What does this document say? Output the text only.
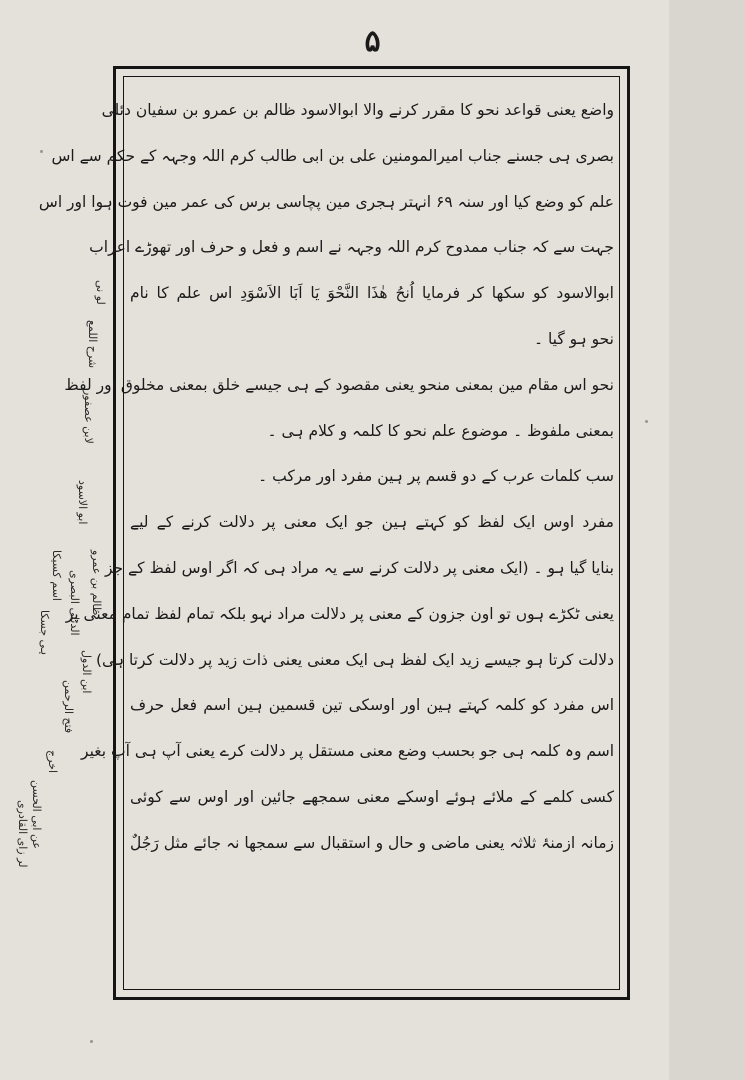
۵
واضع یعنی قواعد نحو کا مقرر کرنے والا ابوالاسود ظالم بن عمرو بن سفیان دئلی
بصری ہی جسنے جناب امیرالمومنین علی بن ابی طالب کرم اللہ وجہہ کے حکم سے اس
علم کو وضع کیا اور سنہ ۶۹ انہتر ہجری مین پچاسی برس کی عمر مین فوت ہوا اور اس
جہت سے کہ جناب ممدوح کرم اللہ وجہہ نے اسم و فعل و حرف اور تھوڑے اعراب
ابوالاسود کو سکھا کر فرمایا اُنحُ ھٰذَا النَّحْوَ یَا اَبَا الاَسْوَدِ اس علم کا نام
نحو ہو گیا ۔
نحو اس مقام مین بمعنی منحو یعنی مقصود کے ہی جیسے خلق بمعنی مخلوق اور لفظ
بمعنی ملفوظ ۔ موضوع علم نحو کا کلمہ و کلام ہی ۔
سب کلمات عرب کے دو قسم پر ہین مفرد اور مرکب ۔
مفرد اوس ایک لفظ کو کہتے ہین جو ایک معنی پر دلالت کرنے کے لیے
بنایا گیا ہو ۔ (ایک معنی پر دلالت کرنے سے یہ مراد ہی کہ اگر اوس لفظ کے جز
یعنی ٹکڑے ہوں تو اون جزون کے معنی پر دلالت مراد نہو بلکہ تمام لفظ تمام معنی پر
دلالت کرتا ہو جیسے زید ایک لفظ ہی ایک معنی یعنی ذات زید پر دلالت کرتا ہی)
اس مفرد کو کلمہ کہتے ہین اور اوسکی تین قسمین ہین اسم فعل حرف
اسم وہ کلمہ ہی جو بحسب وضع معنی مستقل پر دلالت کرے یعنی آپ ہی آپ بغیر
کسی کلمے کے ملائے ہوئے اوسکے معنی سمجھے جائین اور اوس سے کوئی
زمانہ ازمنۂ ثلاثہ یعنی ماضی و حال و استقبال سے سمجھا نہ جائے مثل رَجُلٌ
لو نی
شرح اللمع
لابن عصفور
ابو الاسود
ظالم بن عمرو
الدئلی البصری
ابن الدول
فتح الرحمن
اسم کسیکا
ہی جسکا
اخرج
عن ابی الحسن
لر زای القادری
